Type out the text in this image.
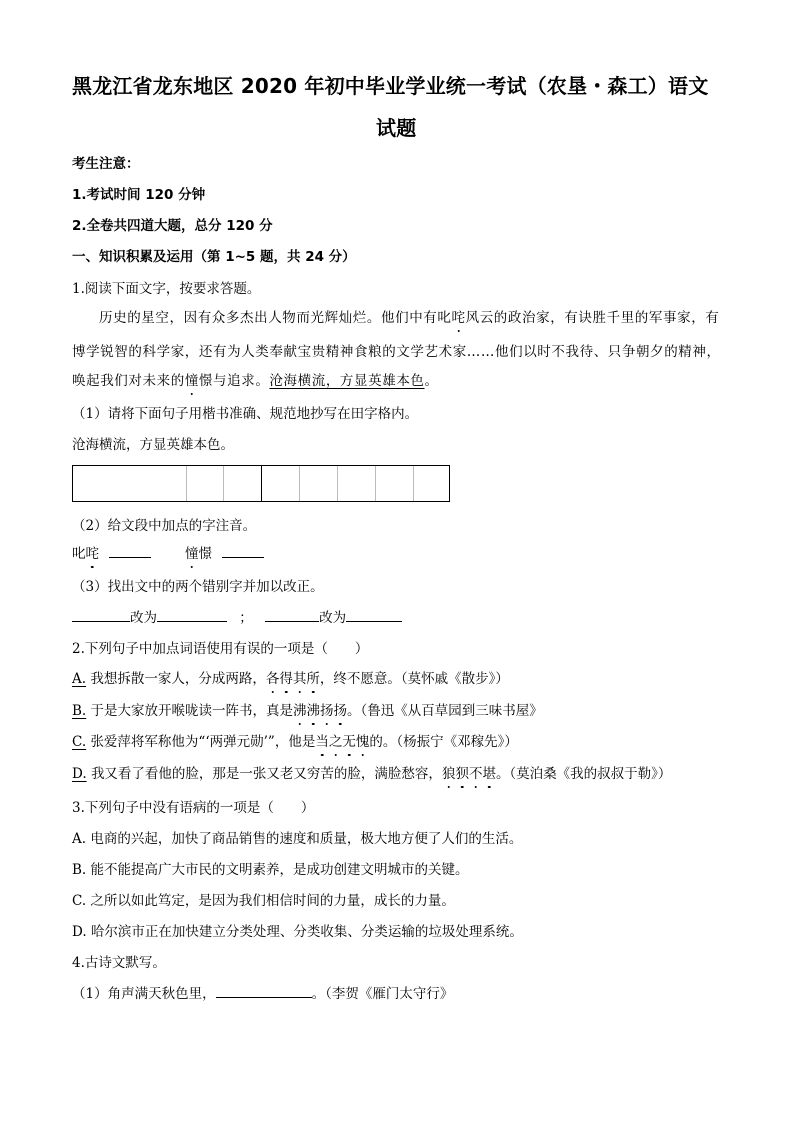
黑龙江省龙东地区 2020 年初中毕业学业统一考试（农垦・森工）语文
试题
考生注意：
1.考试时间 120 分钟
2.全卷共四道大题，总分 120 分
一、知识积累及运用（第 1~5 题，共 24 分）
1.阅读下面文字，按要求答题。
历史的星空，因有众多杰出人物而光辉灿烂。他们中有叱咤风云的政治家，有诀胜千里的军事家，有
博学锐智的科学家，还有为人类奉献宝贵精神食粮的文学艺术家……他们以时不我待、只争朝夕的精神，
唤起我们对未来的憧憬与追求。沧海横流，方显英雄本色。
（1）请将下面句子用楷书准确、规范地抄写在田字格内。
沧海横流，方显英雄本色。
（2）给文段中加点的字注音。
叱咤	憧憬
（3）找出文中的两个错别字并加以改正。
改为	；	改为
2.下列句子中加点词语使用有误的一项是（　　）
A. 我想拆散一家人，分成两路，各得其所，终不愿意。（莫怀戚《散步》）
B. 于是大家放开喉咙读一阵书，真是沸沸扬扬。（鲁迅《从百草园到三味书屋》
C. 张爱萍将军称他为“‘两弹元勋’”，他是当之无愧的。（杨振宁《邓稼先》）
D. 我又看了看他的脸，那是一张又老又穷苦的脸，满脸愁容，狼狈不堪。（莫泊桑《我的叔叔于勒》）
3.下列句子中没有语病的一项是（　　）
A. 电商的兴起，加快了商品销售的速度和质量，极大地方便了人们的生活。
B. 能不能提高广大市民的文明素养，是成功创建文明城市的关键。
C. 之所以如此笃定，是因为我们相信时间的力量，成长的力量。
D. 哈尔滨市正在加快建立分类处理、分类收集、分类运输的垃圾处理系统。
4.古诗文默写。
（1）角声满天秋色里，	。（李贺《雁门太守行》
